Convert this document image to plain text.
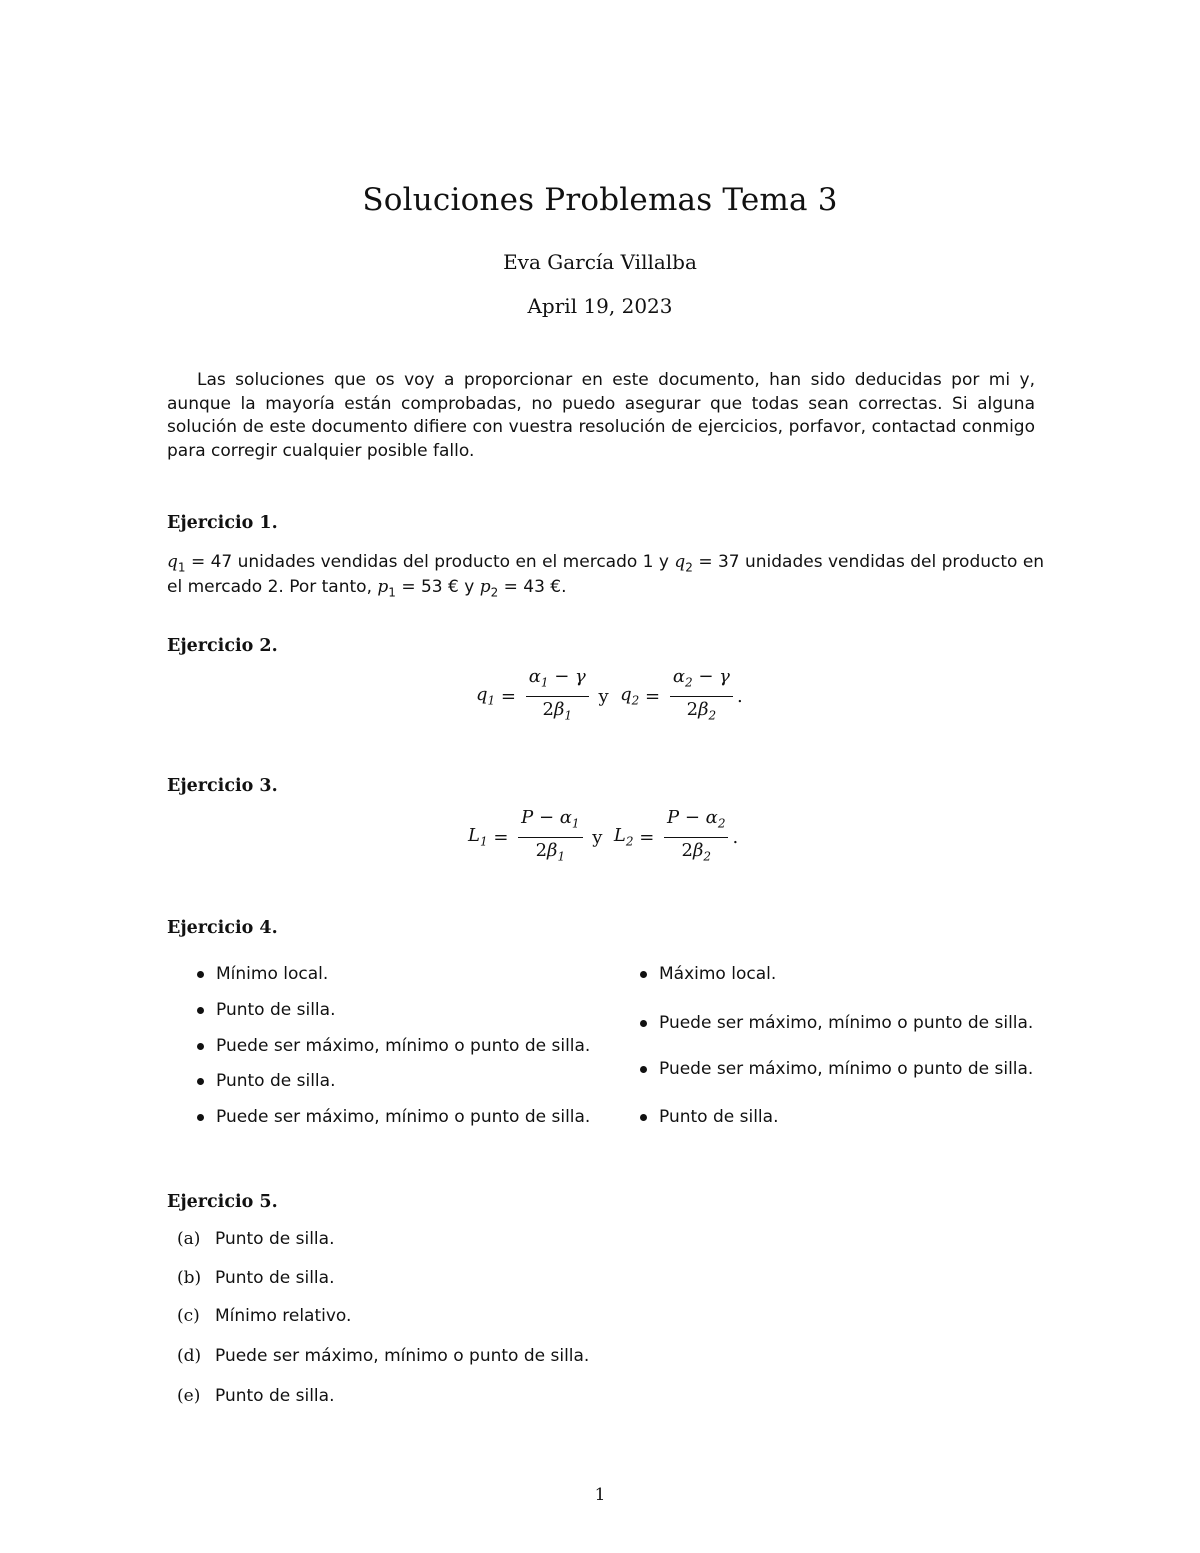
Soluciones Problemas Tema 3
Eva García Villalba
April 19, 2023
Las soluciones que os voy a proporcionar en este documento, han sido deducidas por mi y, aunque la mayoría están comprobadas, no puedo asegurar que todas sean correctas. Si alguna solución de este documento difiere con vuestra resolución de ejercicios, porfavor, contactad conmigo para corregir cualquier posible fallo.
Ejercicio 1.
$q_1 = 47$ unidades vendidas del producto en el mercado 1 y $q_2 = 37$ unidades vendidas del producto en
el mercado 2. Por tanto, $p_1 = 53$ € y $p_2 = 43$ €.
Ejercicio 2.
$q_1 = \frac{\alpha_1 - \gamma}{2\beta_1}$ y $q_2 = \frac{\alpha_2 - \gamma}{2\beta_2}$ .
Ejercicio 3.
$L_1 = \frac{P - \alpha_1}{2\beta_1}$ y $L_2 = \frac{P - \alpha_2}{2\beta_2}$ .
Ejercicio 4.
Mínimo local.
Punto de silla.
Puede ser máximo, mínimo o punto de silla.
Punto de silla.
Puede ser máximo, mínimo o punto de silla.
Máximo local.
Puede ser máximo, mínimo o punto de silla.
Puede ser máximo, mínimo o punto de silla.
Punto de silla.
Ejercicio 5.
(a) Punto de silla.
(b) Punto de silla.
(c) Mínimo relativo.
(d) Puede ser máximo, mínimo o punto de silla.
(e) Punto de silla.
1
